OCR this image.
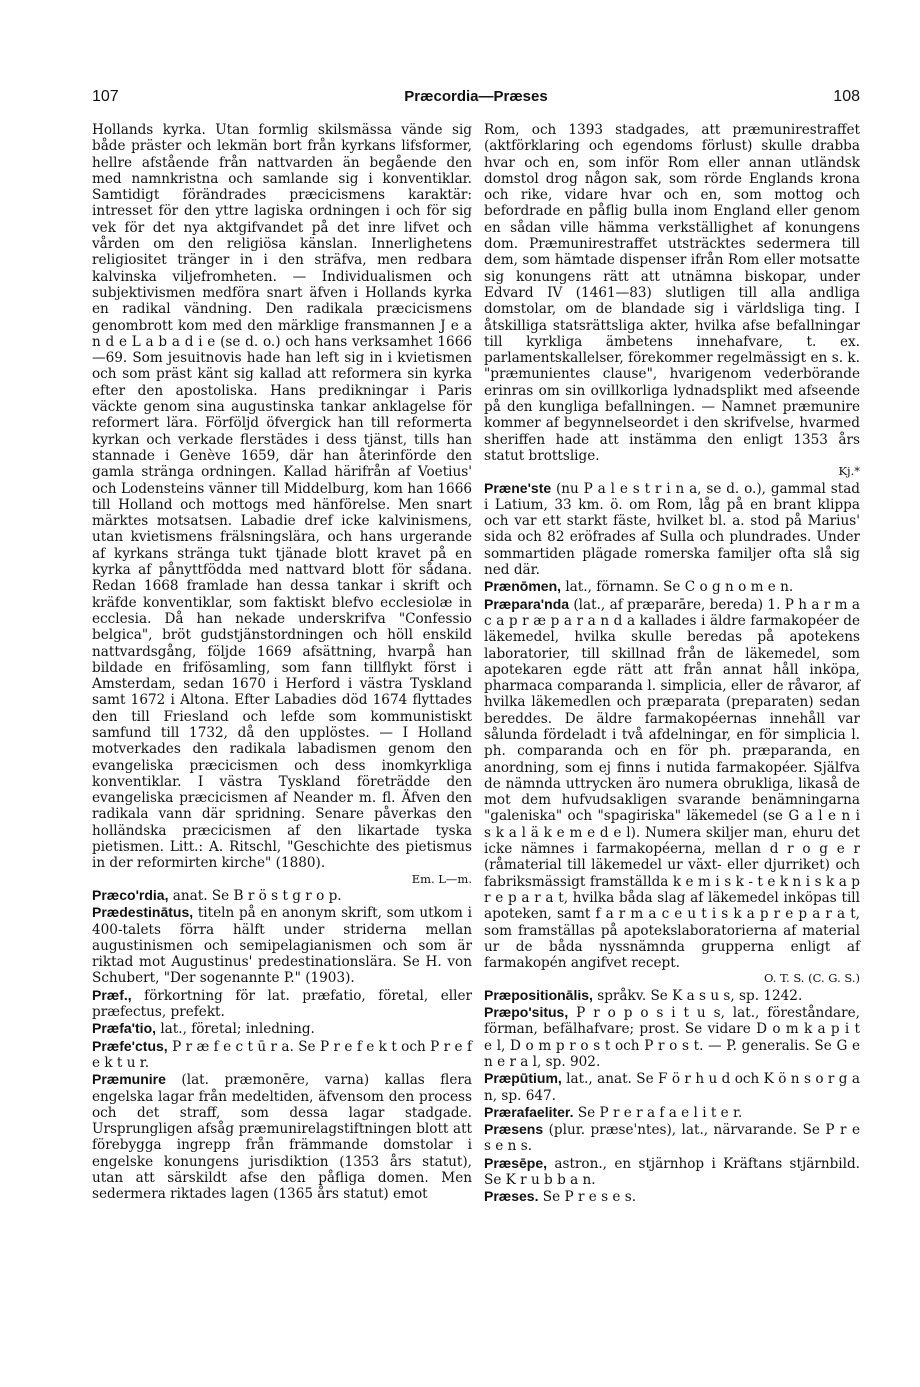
107	Præcordia—Præses	108

Hollands kyrka. Utan formlig skilsmässa vände sig både präster och lekmän bort från kyrkans lifsformer, hellre afstående från nattvarden än begående den med namnkristna och samlande sig i konventiklar. Samtidigt förändrades præcicismens karaktär: intresset för den yttre lagiska ordningen i och för sig vek för det nya aktgifvandet på det inre lifvet och vården om den religiösa känslan. Innerlighetens religiositet tränger in i den sträfva, men redbara kalvinska viljefromheten. — Individualismen och subjektivismen medföra snart äfven i Hollands kyrka en radikal vändning. Den radikala præcicismens genombrott kom med den märklige fransmannen J e a n d e L a b a d i e (se d. o.) och hans verksamhet 1666—69. Som jesuitnovis hade han left sig in i kvietismen och som präst känt sig kallad att reformera sin kyrka efter den apostoliska. Hans predikningar i Paris väckte genom sina augustinska tankar anklagelse för reformert lära. Förföljd öfvergick han till reformerta kyrkan och verkade flerstädes i dess tjänst, tills han stannade i Genève 1659, där han återinförde den gamla stränga ordningen. Kallad härifrån af Voetius' och Lodensteins vänner till Middelburg, kom han 1666 till Holland och mottogs med hänförelse. Men snart märktes motsatsen. Labadie dref icke kalvinismens, utan kvietismens frälsningslära, och hans urgerande af kyrkans stränga tukt tjänade blott kravet på en kyrka af pånyttfödda med nattvard blott för sådana. Redan 1668 framlade han dessa tankar i skrift och kräfde konventiklar, som faktiskt blefvo ecclesiolæ in ecclesia. Då han nekade underskrifva "Confessio belgica", bröt gudstjänstordningen och höll enskild nattvardsgång, följde 1669 afsättning, hvarpå han bildade en frifösamling, som fann tillflykt först i Amsterdam, sedan 1670 i Herford i västra Tyskland samt 1672 i Altona. Efter Labadies död 1674 flyttades den till Friesland och lefde som kommunistiskt samfund till 1732, då den upplöstes. — I Holland motverkades den radikala labadismen genom den evangeliska præcicismen och dess inomkyrkliga konventiklar. I västra Tyskland företrädde den evangeliska præcicismen af Neander m. fl. Äfven den radikala vann där spridning. Senare påverkas den holländska præcicismen af den likartade tyska pietismen. Litt.: A. Ritschl, "Geschichte des pietismus in der reformirten kirche" (1880).

Em. L—m.

Præco'rdia, anat. Se B r ö s t g r o p.

Prædestinātus, titeln på en anonym skrift, som utkom i 400-talets förra hälft under striderna mellan augustinismen och semipelagianismen och som är riktad mot Augustinus' predestinationslära. Se H. von Schubert, "Der sogenannte P." (1903).

Præf., förkortning för lat. præfatio, företal, eller præfectus, prefekt.

Præfa'tio, lat., företal; inledning.

Præfe'ctus, P r æ f e c t ū r a. Se P r e f e k t och P r e f e k t u r.

Præmunire (lat. præmonēre, varna) kallas flera engelska lagar från medeltiden, äfvensom den process och det straff, som dessa lagar stadgade. Ursprungligen afsåg præmunirelagstiftningen blott att förebygga ingrepp från främmande domstolar i engelske konungens jurisdiktion (1353 års statut), utan att särskildt afse den påfliga domen. Men sedermera riktades lagen (1365 års statut) emot

Rom, och 1393 stadgades, att præmunirestraffet (aktförklaring och egendoms förlust) skulle drabba hvar och en, som inför Rom eller annan utländsk domstol drog någon sak, som rörde Englands krona och rike, vidare hvar och en, som mottog och befordrade en påflig bulla inom England eller genom en sådan ville hämma verkställighet af konungens dom. Præmunirestraffet utsträcktes sedermera till dem, som hämtade dispenser ifrån Rom eller motsatte sig konungens rätt att utnämna biskopar, under Edvard IV (1461—83) slutligen till alla andliga domstolar, om de blandade sig i världsliga ting. I åtskilliga statsrättsliga akter, hvilka afse befallningar till kyrkliga ämbetens innehafvare, t. ex. parlamentskallelser, förekommer regelmässigt en s. k. "præmunientes clause", hvarigenom vederbörande erinras om sin ovillkorliga lydnadsplikt med afseende på den kungliga befallningen. — Namnet præmunire kommer af begynnelseordet i den skrifvelse, hvarmed sheriffen hade att instämma den enligt 1353 års statut brottslige.

Kj.*

Præne'ste (nu P a l e s t r i n a, se d. o.), gammal stad i Latium, 33 km. ö. om Rom, låg på en brant klippa och var ett starkt fäste, hvilket bl. a. stod på Marius' sida och 82 eröfrades af Sulla och plundrades. Under sommartiden plägade romerska familjer ofta slå sig ned där.

Prænōmen, lat., förnamn. Se C o g n o m e n.

Præpara'nda (lat., af præparāre, bereda) 1. P h a r m a c a p r æ p a r a n d a kallades i äldre farmakopéer de läkemedel, hvilka skulle beredas på apotekens laboratorier, till skillnad från de läkemedel, som apotekaren egde rätt att från annat håll inköpa, pharmaca comparanda l. simplicia, eller de råvaror, af hvilka läkemedlen och præparata (preparaten) sedan bereddes. De äldre farmakopéernas innehåll var sålunda fördeladt i två afdelningar, en för simplicia l. ph. comparanda och en för ph. præparanda, en anordning, som ej finns i nutida farmakopéer. Själfva de nämnda uttrycken äro numera obrukliga, likaså de mot dem hufvudsakligen svarande benämningarna "galeniska" och "spagiriska" läkemedel (se G a l e n i s k a l ä k e m e d e l). Numera skiljer man, ehuru det icke nämnes i farmakopéerna, mellan d r o g e r (råmaterial till läkemedel ur växt- eller djurriket) och fabriksmässigt framställda k e m i s k - t e k n i s k a p r e p a r a t, hvilka båda slag af läkemedel inköpas till apoteken, samt f a r m a c e u t i s k a p r e p a r a t, som framställas på apotekslaboratorierna af material ur de båda nyssnämnda grupperna enligt af farmakopén angifvet recept.

O. T. S. (C. G. S.)

Præpositionālis, språkv. Se K a s u s, sp. 1242.

Præpo'situs, P r o p o s i t u s, lat., föreståndare, förman, befälhafvare; prost. Se vidare D o m k a p i t e l, D o m p r o s t och P r o s t. — P. generalis. Se G e n e r a l, sp. 902.

Præpūtium, lat., anat. Se F ö r h u d och K ö n s o r g a n, sp. 647.

Prærafaeliter. Se P r e r a f a e l i t e r.

Præsens (plur. præse'ntes), lat., närvarande. Se P r e s e n s.

Præsēpe, astron., en stjärnhop i Kräftans stjärnbild. Se K r u b b a n.

Præses. Se P r e s e s.
